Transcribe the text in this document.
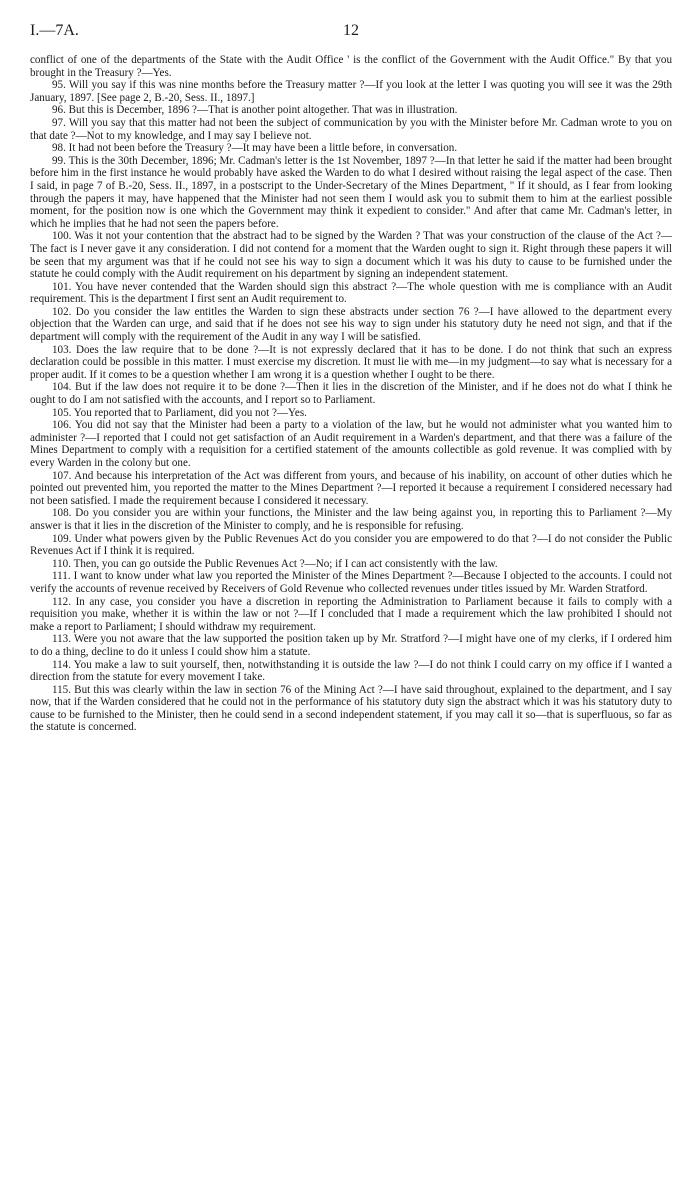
I.—7A.	12

conflict of one of the departments of the State with the Audit Office ' is the conflict of the Government with the Audit Office." By that you brought in the Treasury ?—Yes.

95. Will you say if this was nine months before the Treasury matter ?—If you look at the letter I was quoting you will see it was the 29th January, 1897. [See page 2, B.-20, Sess. II., 1897.]

96. But this is December, 1896 ?—That is another point altogether. That was in illustration.

97. Will you say that this matter had not been the subject of communication by you with the Minister before Mr. Cadman wrote to you on that date ?—Not to my knowledge, and I may say I believe not.

98. It had not been before the Treasury ?—It may have been a little before, in conversation.

99. This is the 30th December, 1896; Mr. Cadman's letter is the 1st November, 1897 ?—In that letter he said if the matter had been brought before him in the first instance he would probably have asked the Warden to do what I desired without raising the legal aspect of the case. Then I said, in page 7 of B.-20, Sess. II., 1897, in a postscript to the Under-Secretary of the Mines Department, " If it should, as I fear from looking through the papers it may, have happened that the Minister had not seen them I would ask you to submit them to him at the earliest possible moment, for the position now is one which the Government may think it expedient to consider." And after that came Mr. Cadman's letter, in which he implies that he had not seen the papers before.

100. Was it not your contention that the abstract had to be signed by the Warden ? That was your construction of the clause of the Act ?—The fact is I never gave it any consideration. I did not contend for a moment that the Warden ought to sign it. Right through these papers it will be seen that my argument was that if he could not see his way to sign a document which it was his duty to cause to be furnished under the statute he could comply with the Audit requirement on his department by signing an independent statement.

101. You have never contended that the Warden should sign this abstract ?—The whole question with me is compliance with an Audit requirement. This is the department I first sent an Audit requirement to.

102. Do you consider the law entitles the Warden to sign these abstracts under section 76 ?—I have allowed to the department every objection that the Warden can urge, and said that if he does not see his way to sign under his statutory duty he need not sign, and that if the department will comply with the requirement of the Audit in any way I will be satisfied.

103. Does the law require that to be done ?—It is not expressly declared that it has to be done. I do not think that such an express declaration could be possible in this matter. I must exercise my discretion. It must lie with me—in my judgment—to say what is necessary for a proper audit. If it comes to be a question whether I am wrong it is a question whether I ought to be there.

104. But if the law does not require it to be done ?—Then it lies in the discretion of the Minister, and if he does not do what I think he ought to do I am not satisfied with the accounts, and I report so to Parliament.

105. You reported that to Parliament, did you not ?—Yes.

106. You did not say that the Minister had been a party to a violation of the law, but he would not administer what you wanted him to administer ?—I reported that I could not get satisfaction of an Audit requirement in a Warden's department, and that there was a failure of the Mines Department to comply with a requisition for a certified statement of the amounts collectible as gold revenue. It was complied with by every Warden in the colony but one.

107. And because his interpretation of the Act was different from yours, and because of his inability, on account of other duties which he pointed out prevented him, you reported the matter to the Mines Department ?—I reported it because a requirement I considered necessary had not been satisfied. I made the requirement because I considered it necessary.

108. Do you consider you are within your functions, the Minister and the law being against you, in reporting this to Parliament ?—My answer is that it lies in the discretion of the Minister to comply, and he is responsible for refusing.

109. Under what powers given by the Public Revenues Act do you consider you are empowered to do that ?—I do not consider the Public Revenues Act if I think it is required.

110. Then, you can go outside the Public Revenues Act ?—No; if I can act consistently with the law.

111. I want to know under what law you reported the Minister of the Mines Department ?—Because I objected to the accounts. I could not verify the accounts of revenue received by Receivers of Gold Revenue who collected revenues under titles issued by Mr. Warden Stratford.

112. In any case, you consider you have a discretion in reporting the Administration to Parliament because it fails to comply with a requisition you make, whether it is within the law or not ?—If I concluded that I made a requirement which the law prohibited I should not make a report to Parliament; I should withdraw my requirement.

113. Were you not aware that the law supported the position taken up by Mr. Stratford ?—I might have one of my clerks, if I ordered him to do a thing, decline to do it unless I could show him a statute.

114. You make a law to suit yourself, then, notwithstanding it is outside the law ?—I do not think I could carry on my office if I wanted a direction from the statute for every movement I take.

115. But this was clearly within the law in section 76 of the Mining Act ?—I have said throughout, explained to the department, and I say now, that if the Warden considered that he could not in the performance of his statutory duty sign the abstract which it was his statutory duty to cause to be furnished to the Minister, then he could send in a second independent statement, if you may call it so—that is superfluous, so far as the statute is concerned.
